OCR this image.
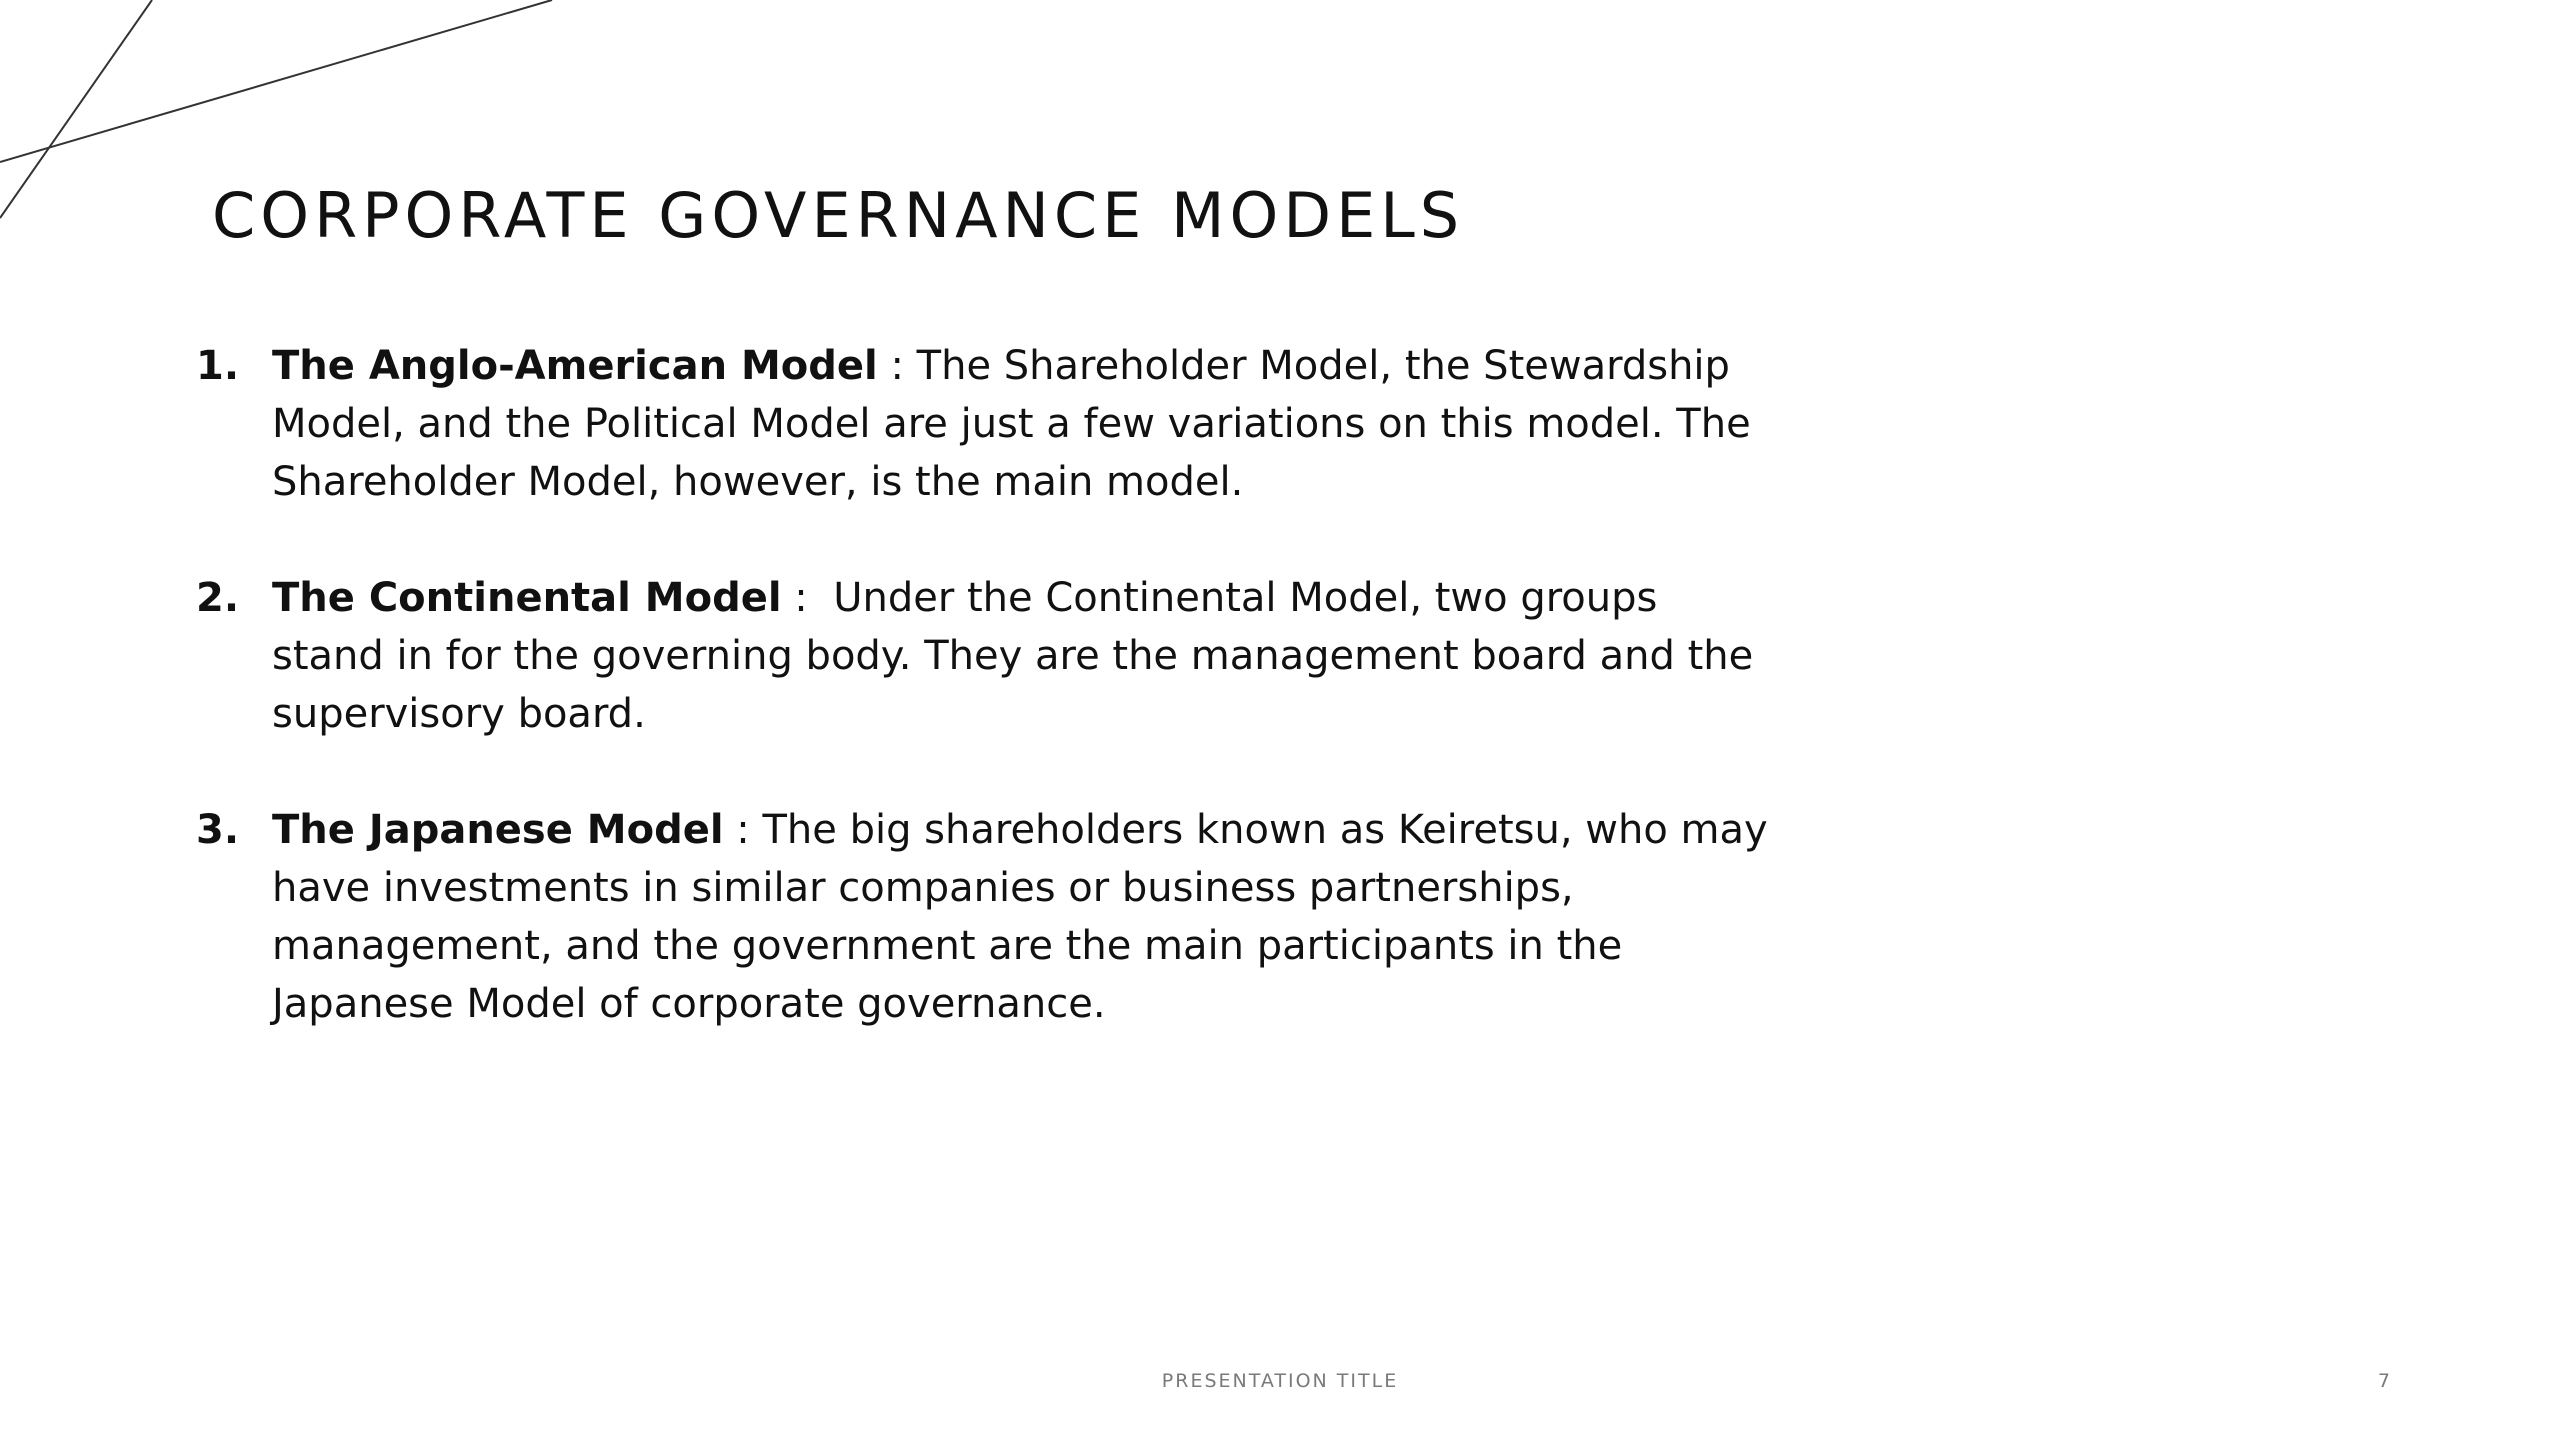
CORPORATE GOVERNANCE MODELS
1. The Anglo-American Model : The Shareholder Model, the Stewardship Model, and the Political Model are just a few variations on this model. The Shareholder Model, however, is the main model.
2. The Continental Model :  Under the Continental Model, two groups stand in for the governing body. They are the management board and the supervisory board.
3. The Japanese Model : The big shareholders known as Keiretsu, who may have investments in similar companies or business partnerships, management, and the government are the main participants in the Japanese Model of corporate governance.
PRESENTATION TITLE	7
